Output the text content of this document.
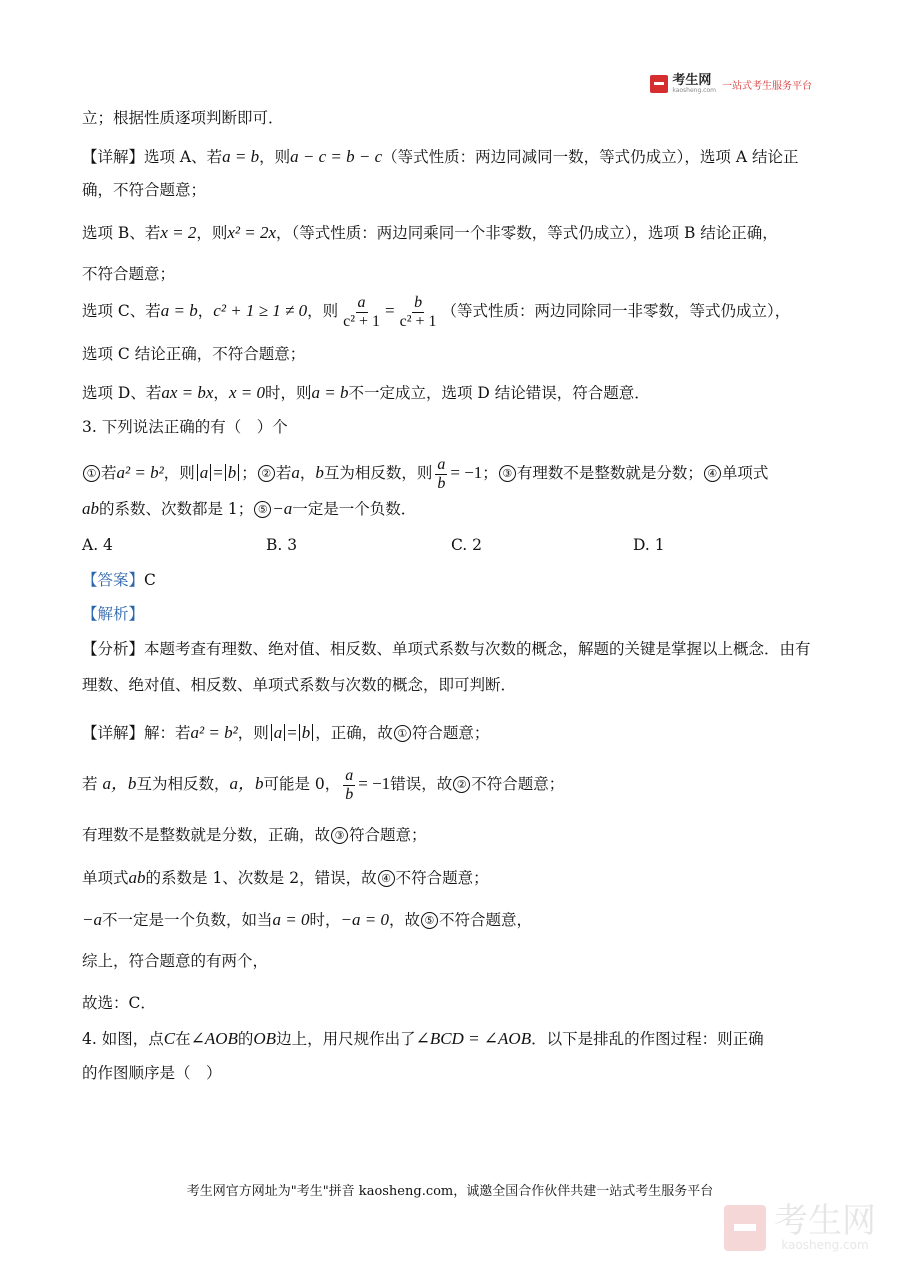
考生网
kaosheng.com 一站式考生服务平台
立；根据性质逐项判断即可．
【详解】选项 A、若a = b，则a − c = b − c（等式性质：两边同减同一数，等式仍成立），选项 A 结论正
确，不符合题意；
选项 B、若x = 2，则x² = 2x，（等式性质：两边同乘同一个非零数，等式仍成立），选项 B 结论正确，
不符合题意；
选项 C、若a = b，c² + 1 ≥ 1 ≠ 0，则 $\frac{a}{\text{c² + 1}} = \frac{b}{\text{c² + 1}}$ （等式性质：两边同除同一非零数，等式仍成立），
选项 C 结论正确，不符合题意；
选项 D、若ax = bx，x = 0时，则a = b不一定成立，选项 D 结论错误，符合题意．
3. 下列说法正确的有（　）个
① 若a² = b²，则 a = b ； ② 若a，b互为相反数，则 $\frac{a}{b} = -1$； ③ 有理数不是整数就是分数； ④ 单项式
ab的系数、次数都是 1； ⑤ −a一定是一个负数．
A. 4	B. 3	C. 2	D. 1
【答案】C
【解析】
【分析】本题考查有理数、绝对值、相反数、单项式系数与次数的概念，解题的关键是掌握以上概念．由有
理数、绝对值、相反数、单项式系数与次数的概念，即可判断．
【详解】解：若a² = b²，则 a = b ，正确，故 ① 符合题意；
若 a，b互为相反数，a，b可能是 0， $\frac{a}{b} = -1$错误，故 ② 不符合题意；
有理数不是整数就是分数，正确，故 ③ 符合题意；
单项式ab的系数是 1、次数是 2，错误，故 ④ 不符合题意；
−a不一定是一个负数，如当a = 0时，−a = 0，故 ⑤ 不符合题意，
综上，符合题意的有两个，
故选：C．
4. 如图，点C在∠AOB的OB边上，用尺规作出了∠BCD = ∠AOB．以下是排乱的作图过程：则正确
的作图顺序是（　）
考生网官方网址为"考生"拼音 kaosheng.com，诚邀全国合作伙伴共建一站式考生服务平台
考生网
kaosheng.com
